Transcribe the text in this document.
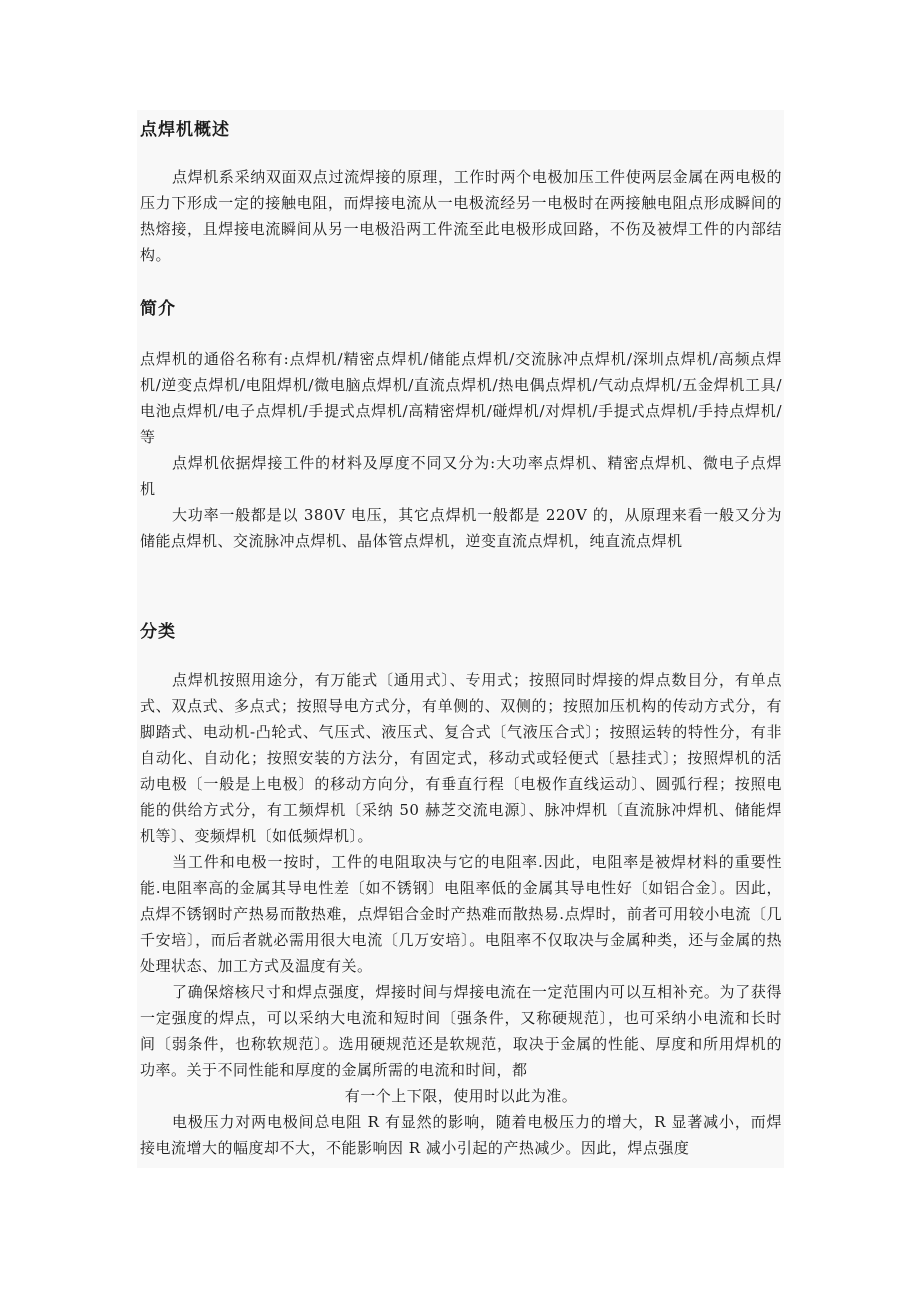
点焊机概述

点焊机系采纳双面双点过流焊接的原理，工作时两个电极加压工件使两层金属在两电极的压力下形成一定的接触电阻，而焊接电流从一电极流经另一电极时在两接触电阻点形成瞬间的热熔接，且焊接电流瞬间从另一电极沿两工件流至此电极形成回路，不伤及被焊工件的内部结构。

简介

点焊机的通俗名称有:点焊机/精密点焊机/储能点焊机/交流脉冲点焊机/深圳点焊机/高频点焊机/逆变点焊机/电阻焊机/微电脑点焊机/直流点焊机/热电偶点焊机/气动点焊机/五金焊机工具/电池点焊机/电子点焊机/手提式点焊机/高精密焊机/碰焊机/对焊机/手提式点焊机/手持点焊机/等

点焊机依据焊接工件的材料及厚度不同又分为:大功率点焊机、精密点焊机、微电子点焊机

大功率一般都是以 380V 电压，其它点焊机一般都是 220V 的，从原理来看一般又分为储能点焊机、交流脉冲点焊机、晶体管点焊机，逆变直流点焊机，纯直流点焊机

分类

点焊机按照用途分，有万能式〔通用式〕、专用式；按照同时焊接的焊点数目分，有单点式、双点式、多点式；按照导电方式分，有单侧的、双侧的；按照加压机构的传动方式分，有脚踏式、电动机-凸轮式、气压式、液压式、复合式〔气液压合式〕；按照运转的特性分，有非自动化、自动化；按照安装的方法分，有固定式，移动式或轻便式〔悬挂式〕；按照焊机的活动电极〔一般是上电极〕的移动方向分，有垂直行程〔电极作直线运动〕、圆弧行程；按照电能的供给方式分，有工频焊机〔采纳 50 赫芝交流电源〕、脉冲焊机〔直流脉冲焊机、储能焊机等〕、变频焊机〔如低频焊机〕。

当工件和电极一按时，工件的电阻取决与它的电阻率.因此，电阻率是被焊材料的重要性能.电阻率高的金属其导电性差〔如不锈钢〕电阻率低的金属其导电性好〔如铝合金〕。因此，点焊不锈钢时产热易而散热难，点焊铝合金时产热难而散热易.点焊时，前者可用较小电流〔几千安培〕，而后者就必需用很大电流〔几万安培〕。电阻率不仅取决与金属种类，还与金属的热处理状态、加工方式及温度有关。

了确保熔核尺寸和焊点强度，焊接时间与焊接电流在一定范围内可以互相补充。为了获得一定强度的焊点，可以采纳大电流和短时间〔强条件，又称硬规范〕，也可采纳小电流和长时间〔弱条件，也称软规范〕。选用硬规范还是软规范，取决于金属的性能、厚度和所用焊机的功率。关于不同性能和厚度的金属所需的电流和时间，都

有一个上下限，使用时以此为准。

电极压力对两电极间总电阻 R 有显然的影响，随着电极压力的增大，R 显著减小，而焊接电流增大的幅度却不大，不能影响因 R 减小引起的产热减少。因此，焊点强度
